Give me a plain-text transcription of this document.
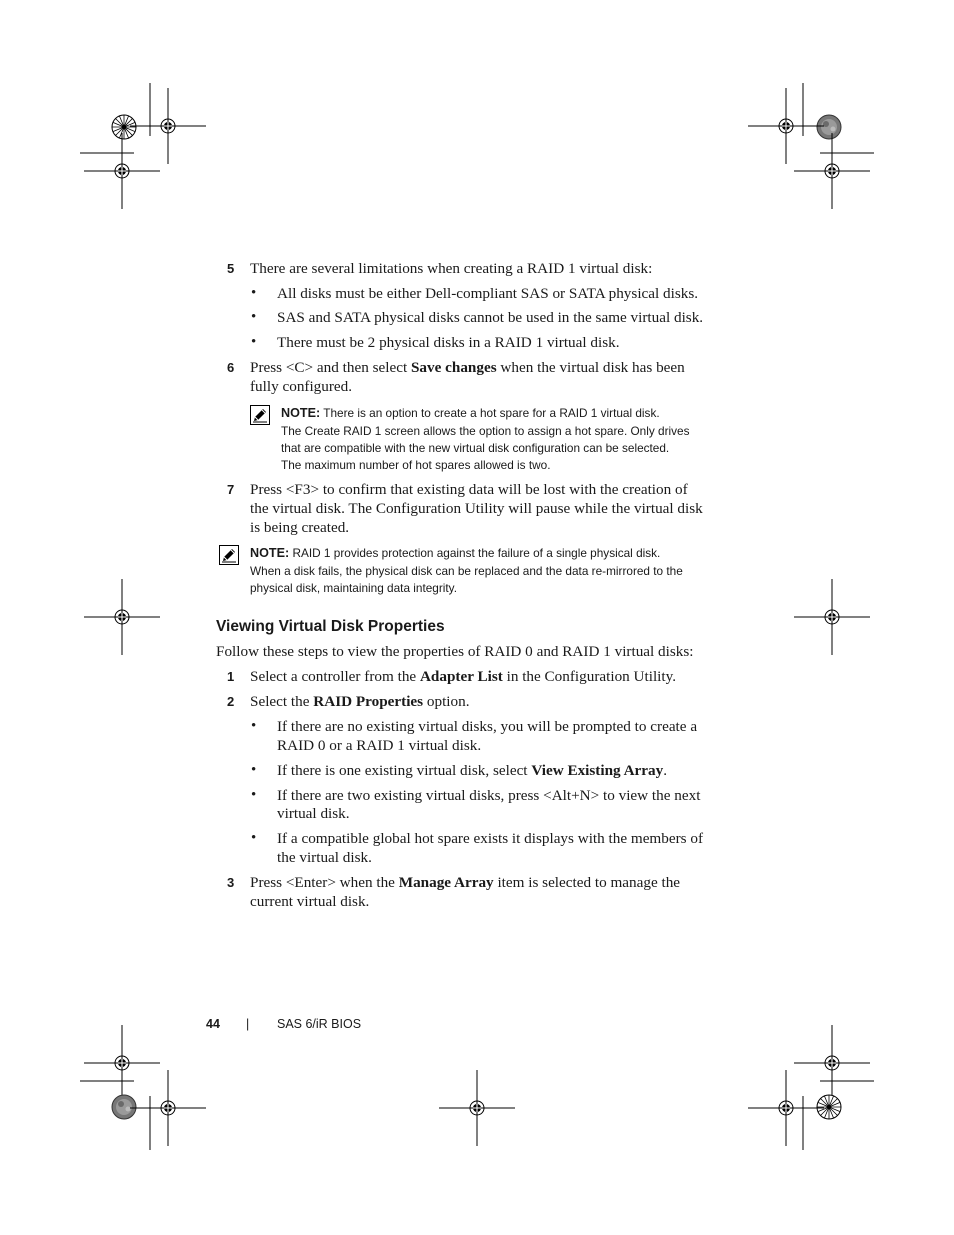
5 There are several limitations when creating a RAID 1 virtual disk:
• All disks must be either Dell-compliant SAS or SATA physical disks.
• SAS and SATA physical disks cannot be used in the same virtual disk.
• There must be 2 physical disks in a RAID 1 virtual disk.
6 Press <C> and then select Save changes when the virtual disk has been
fully configured.
NOTE: There is an option to create a hot spare for a RAID 1 virtual disk.
The Create RAID 1 screen allows the option to assign a hot spare. Only drives
that are compatible with the new virtual disk configuration can be selected.
The maximum number of hot spares allowed is two.
7 Press <F3> to confirm that existing data will be lost with the creation of
the virtual disk. The Configuration Utility will pause while the virtual disk
is being created.
NOTE: RAID 1 provides protection against the failure of a single physical disk.
When a disk fails, the physical disk can be replaced and the data re-mirrored to the
physical disk, maintaining data integrity.
Viewing Virtual Disk Properties
Follow these steps to view the properties of RAID 0 and RAID 1 virtual disks:
1 Select a controller from the Adapter List in the Configuration Utility.
2 Select the RAID Properties option.
• If there are no existing virtual disks, you will be prompted to create a
RAID 0 or a RAID 1 virtual disk.
• If there is one existing virtual disk, select View Existing Array.
• If there are two existing virtual disks, press <Alt+N> to view the next
virtual disk.
• If a compatible global hot spare exists it displays with the members of
the virtual disk.
3 Press <Enter> when the Manage Array item is selected to manage the
current virtual disk.
44 | SAS 6/iR BIOS
